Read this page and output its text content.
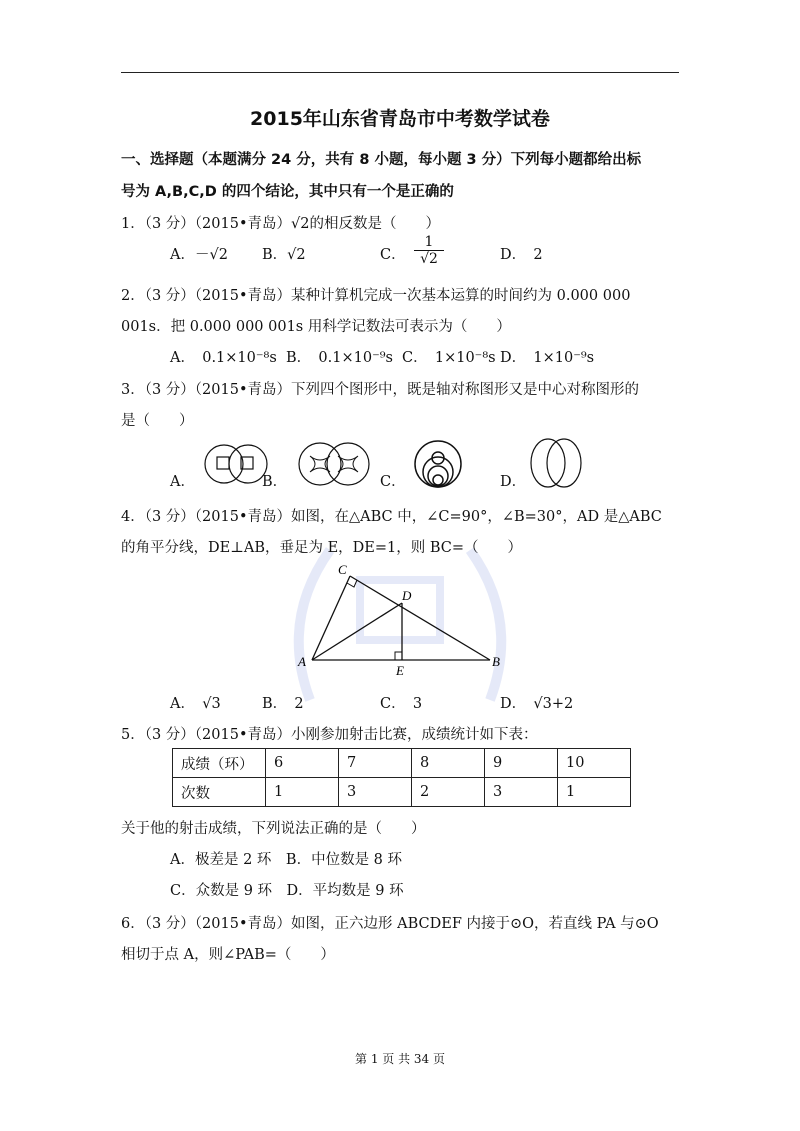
2015年山东省青岛市中考数学试卷
一、选择题（本题满分 24 分，共有 8 小题，每小题 3 分）下列每小题都给出标
号为 A,B,C,D 的四个结论，其中只有一个是正确的
1．（3 分）（2015•青岛）√2的相反数是（　　）
A．－√2 B．√2	C． $\frac{1}{√2}$	D．　2
2．（3 分）（2015•青岛）某种计算机完成一次基本运算的时间约为 0.000 000
001s．把 0.000 000 001s 用科学记数法可表示为（　　）
A．　0.1×10⁻⁸s B．　0.1×10⁻⁹s C．　1×10⁻⁸s D．　1×10⁻⁹s
3．（3 分）（2015•青岛）下列四个图形中，既是轴对称图形又是中心对称图形的
是（　　）
A．	B．	C．	D．
4．（3 分）（2015•青岛）如图，在△ABC 中，∠C=90°，∠B=30°，AD 是△ABC
的角平分线，DE⊥AB，垂足为 E，DE=1，则 BC=（　　）
A	B
C
D
E
A．　√3	B．　2	C．　3	D．　√3+2
5．（3 分）（2015•青岛）小刚参加射击比赛，成绩统计如下表：
成绩（环）	6	7	8	9	10
次数	1	3	2	3	1
关于他的射击成绩，下列说法正确的是（　　）
A．极差是 2 环　B．中位数是 8 环
C．众数是 9 环　D．平均数是 9 环
6．（3 分）（2015•青岛）如图，正六边形 ABCDEF 内接于⊙O，若直线 PA 与⊙O
相切于点 A，则∠PAB=（　　）
第 1 页 共 34 页
